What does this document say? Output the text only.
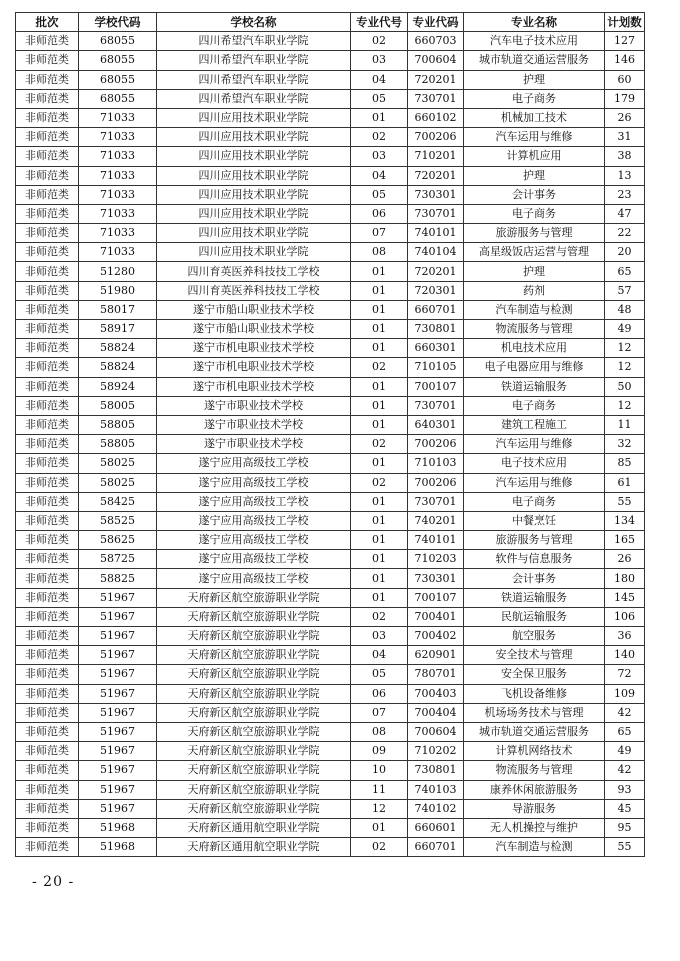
批次	学校代码	学校名称	专业代号	专业代码	专业名称	计划数
非师范类	68055	四川希望汽车职业学院	02	660703	汽车电子技术应用	127
非师范类	68055	四川希望汽车职业学院	03	700604	城市轨道交通运营服务	146
非师范类	68055	四川希望汽车职业学院	04	720201	护理	60
非师范类	68055	四川希望汽车职业学院	05	730701	电子商务	179
非师范类	71033	四川应用技术职业学院	01	660102	机械加工技术	26
非师范类	71033	四川应用技术职业学院	02	700206	汽车运用与维修	31
非师范类	71033	四川应用技术职业学院	03	710201	计算机应用	38
非师范类	71033	四川应用技术职业学院	04	720201	护理	13
非师范类	71033	四川应用技术职业学院	05	730301	会计事务	23
非师范类	71033	四川应用技术职业学院	06	730701	电子商务	47
非师范类	71033	四川应用技术职业学院	07	740101	旅游服务与管理	22
非师范类	71033	四川应用技术职业学院	08	740104	高星级饭店运营与管理	20
非师范类	51280	四川育英医养科技技工学校	01	720201	护理	65
非师范类	51980	四川育英医养科技技工学校	01	720301	药剂	57
非师范类	58017	遂宁市船山职业技术学校	01	660701	汽车制造与检测	48
非师范类	58917	遂宁市船山职业技术学校	01	730801	物流服务与管理	49
非师范类	58824	遂宁市机电职业技术学校	01	660301	机电技术应用	12
非师范类	58824	遂宁市机电职业技术学校	02	710105	电子电器应用与维修	12
非师范类	58924	遂宁市机电职业技术学校	01	700107	铁道运输服务	50
非师范类	58005	遂宁市职业技术学校	01	730701	电子商务	12
非师范类	58805	遂宁市职业技术学校	01	640301	建筑工程施工	11
非师范类	58805	遂宁市职业技术学校	02	700206	汽车运用与维修	32
非师范类	58025	遂宁应用高级技工学校	01	710103	电子技术应用	85
非师范类	58025	遂宁应用高级技工学校	02	700206	汽车运用与维修	61
非师范类	58425	遂宁应用高级技工学校	01	730701	电子商务	55
非师范类	58525	遂宁应用高级技工学校	01	740201	中餐烹饪	134
非师范类	58625	遂宁应用高级技工学校	01	740101	旅游服务与管理	165
非师范类	58725	遂宁应用高级技工学校	01	710203	软件与信息服务	26
非师范类	58825	遂宁应用高级技工学校	01	730301	会计事务	180
非师范类	51967	天府新区航空旅游职业学院	01	700107	铁道运输服务	145
非师范类	51967	天府新区航空旅游职业学院	02	700401	民航运输服务	106
非师范类	51967	天府新区航空旅游职业学院	03	700402	航空服务	36
非师范类	51967	天府新区航空旅游职业学院	04	620901	安全技术与管理	140
非师范类	51967	天府新区航空旅游职业学院	05	780701	安全保卫服务	72
非师范类	51967	天府新区航空旅游职业学院	06	700403	飞机设备维修	109
非师范类	51967	天府新区航空旅游职业学院	07	700404	机场场务技术与管理	42
非师范类	51967	天府新区航空旅游职业学院	08	700604	城市轨道交通运营服务	65
非师范类	51967	天府新区航空旅游职业学院	09	710202	计算机网络技术	49
非师范类	51967	天府新区航空旅游职业学院	10	730801	物流服务与管理	42
非师范类	51967	天府新区航空旅游职业学院	11	740103	康养休闲旅游服务	93
非师范类	51967	天府新区航空旅游职业学院	12	740102	导游服务	45
非师范类	51968	天府新区通用航空职业学院	01	660601	无人机操控与维护	95
非师范类	51968	天府新区通用航空职业学院	02	660701	汽车制造与检测	55
- 20 -
